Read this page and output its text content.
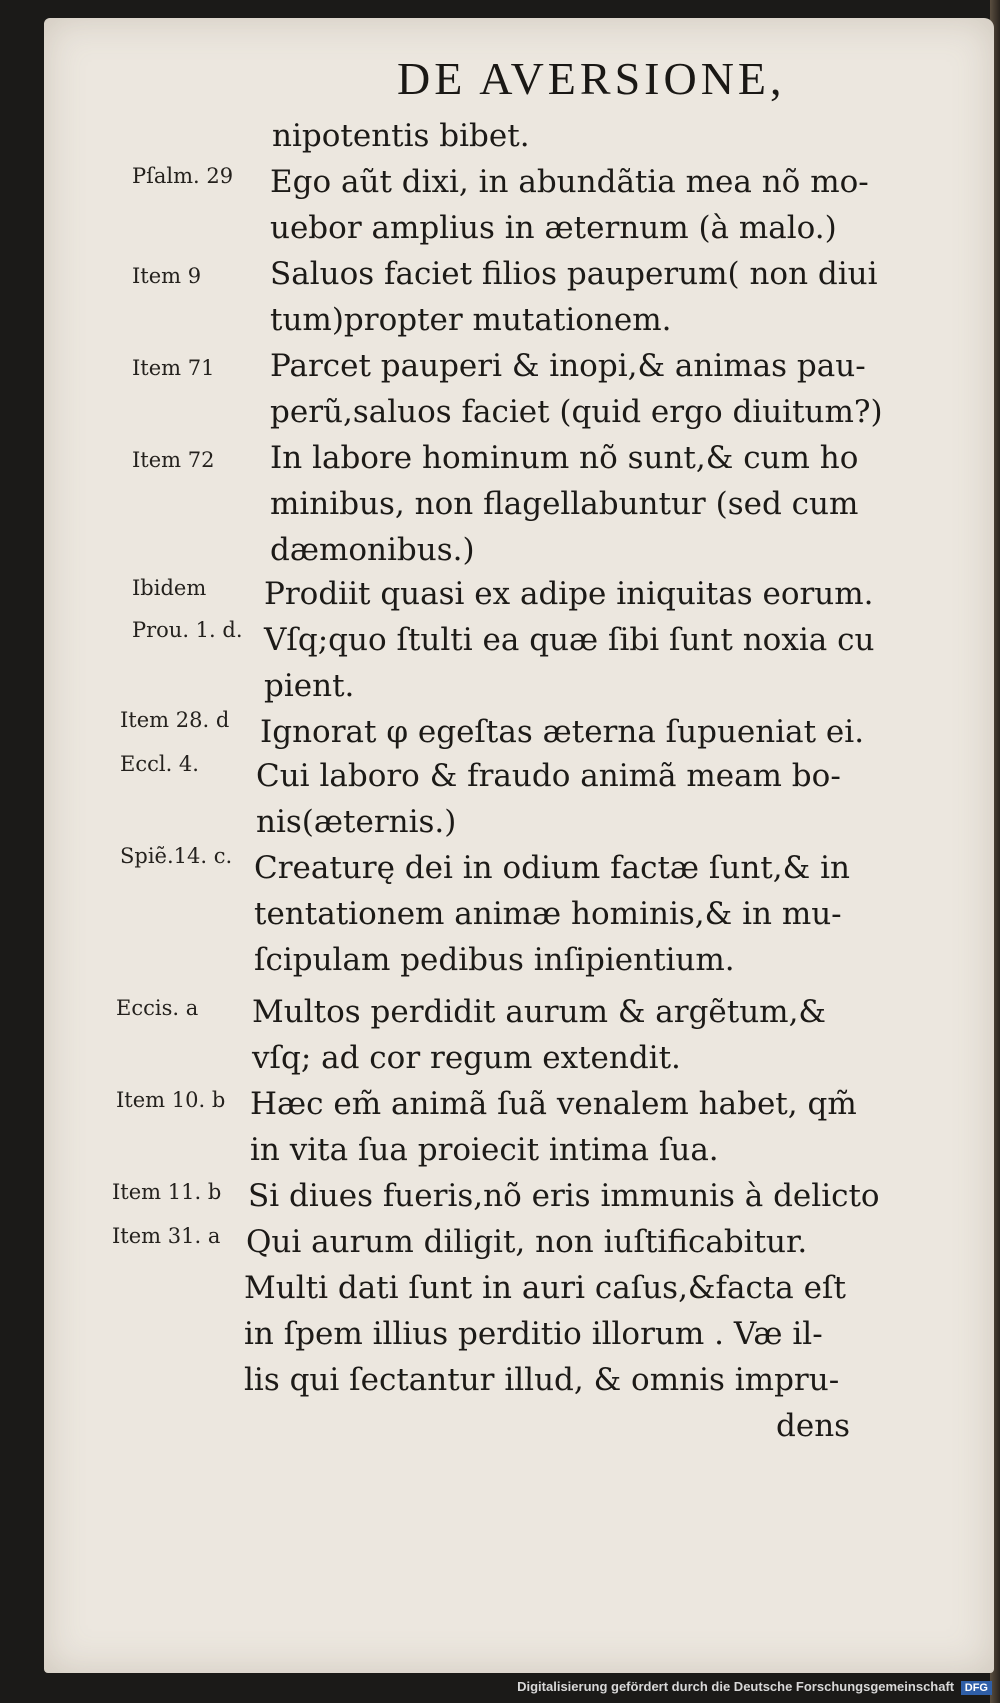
DE AVERSIONE,
Pſalm. 29
Item 9
Item 71
Item 72
Ibidem
Prou. 1. d.
Item 28. d
Eccl. 4.
Spiẽ.14. c.
Eccis. a
Item 10. b
Item 11. b
Item 31. a
nipotentis bibet.
Ego aũt dixi, in abundãtia mea nõ mo-
uebor amplius in æternum (à malo.)
Saluos faciet filios pauperum( non diui
tum)propter mutationem.
Parcet pauperi & inopi,& animas pau-
perũ,saluos faciet (quid ergo diuitum?)
In labore hominum nõ sunt,& cum ho
minibus, non flagellabuntur (sed cum
dæmonibus.)
Prodiit quasi ex adipe iniquitas eorum.
Vſq;quo ſtulti ea quæ ſibi ſunt noxia cu
pient.
Ignorat φ egeſtas æterna ſupueniat ei.
Cui laboro & fraudo animã meam bo-
nis(æternis.)
Creaturę dei in odium factæ ſunt,& in
tentationem animæ hominis,& in mu-
ſcipulam pedibus inſipientium.
Multos perdidit aurum & argẽtum,&
vſq; ad cor regum extendit.
Hæc em̃ animã ſuã venalem habet, qm̃
in vita ſua proiecit intima ſua.
Si diues fueris,nõ eris immunis à delicto
Qui aurum diligit, non iuſtificabitur.
Multi dati ſunt in auri caſus,&facta eſt
in ſpem illius perditio illorum . Væ il-
lis qui ſectantur illud, & omnis impru-
dens
Digitalisierung gefördert durch die Deutsche Forschungsgemeinschaft DFG
